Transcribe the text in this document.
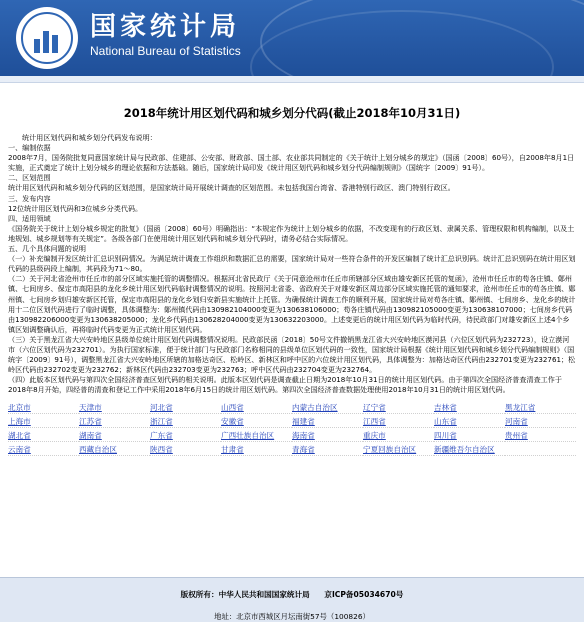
国家统计局
National Bureau of Statistics
2018年统计用区划代码和城乡划分代码(截止2018年10月31日)

统计用区划代码和城乡划分代码发布说明：

一、编制依据

2008年7月，国务院批复同意国家统计局与民政部、住建部、公安部、财政部、国土部、农业部共同制定的《关于统计上划分城乡的规定》（国函〔2008〕60号），自2008年8月1日实施，正式奠定了统计上划分城乡的理论依据和方法基础。随后，国家统计局印发《统计用区划代码和城乡划分代码编制规则》（国统字〔2009〕91号）。

二、区划范围

统计用区划代码和城乡划分代码的区划范围，是国家统计局开展统计调查的区划范围。未包括我国台湾省、香港特别行政区、澳门特别行政区。

三、发布内容

12位统计用区划代码和3位城乡分类代码。

四、适用领域

《国务院关于统计上划分城乡规定的批复》（国函〔2008〕60号）明确指出：“本规定作为统计上划分城乡的依据，不改变现有的行政区划、隶属关系、管理权限和机构编制，以及土地规划、城乡规划等有关规定”。各级各部门在使用统计用区划代码和城乡划分代码时，请务必结合实际情况。

五、几个具体问题的说明

（一）补充编制开发区统计汇总识别码情况。为满足统计调查工作组织和数据汇总的需要，国家统计局对一些符合条件的开发区编制了统计汇总识别码。统计汇总识别码在统计用区划代码的县级码段上编制，其码段为71～80。

（二）关于河北省沧州市任丘市的部分区域实施托管的调整情况。根据河北省民政厅《关于同意沧州市任丘市所辖部分区域由雄安新区托管的复函》，沧州市任丘市的苟各庄镇、鄚州镇、七间房乡、保定市高阳县的龙化乡统计用区划代码临时调整情况的说明。按照河北省委、省政府关于对雄安新区周边部分区域实施托管的通知要求，沧州市任丘市的苟各庄镇、鄚州镇、七间房乡划归雄安新区托管，保定市高阳县的龙化乡划归安新县实施统计上托管。为确保统计调查工作的顺利开展，国家统计局对苟各庄镇、鄚州镇、七间房乡、龙化乡的统计用十二位区划代码进行了临时调整，具体调整为：鄚州镇代码由130982104000变更为130638106000；苟各庄镇代码由130982105000变更为130638107000；七间房乡代码由130982206000变更为130638205000；龙化乡代码由130628204000变更为130632203000。上述变更后的统计用区划代码为临时代码，待民政部门对雄安新区上述4个乡镇区划调整确认后，再将临时代码变更为正式统计用区划代码。

（三）关于黑龙江省大兴安岭地区县级单位统计用区划代码调整情况说明。民政部民函〔2018〕50号文件撤销黑龙江省大兴安岭地区漠河县（六位区划代码为232723），设立漠河市（六位区划代码为232701）。为执行国家标准，便于统计部门与民政部门名称相同的县级单位区划代码的一致性，国家统计局根据《统计用区划代码和城乡划分代码编制规则》（国统字〔2009〕91号），调整黑龙江省大兴安岭地区所辖的加格达奇区、松岭区、新林区和呼中区的六位统计用区划代码，具体调整为：加格达奇区代码由232701变更为232761；松岭区代码由232702变更为232762；新林区代码由232703变更为232763；呼中区代码由232704变更为232764。

（四）此版本区划代码与第四次全国经济普查区划代码的相关说明。此版本区划代码是调查截止日期为2018年10月31日的统计用区划代码。由于第四次全国经济普查清查工作于2018年8月开始，四经普的清查和登记工作中采用2018年6月15日的统计用区划代码。第四次全国经济普查数据处理使用2018年10月31日的统计用区划代码。

北京市	天津市	河北省	山西省	内蒙古自治区	辽宁省	吉林省	黑龙江省
上海市	江苏省	浙江省	安徽省	福建省	江西省	山东省	河南省
湖北省	湖南省	广东省	广西壮族自治区	海南省	重庆市	四川省	贵州省
云南省	西藏自治区	陕西省	甘肃省	青海省	宁夏回族自治区	新疆维吾尔自治区	
版权所有：中华人民共和国国家统计局 京ICP备05034670号
地址：北京市西城区月坛南街57号（100826）
